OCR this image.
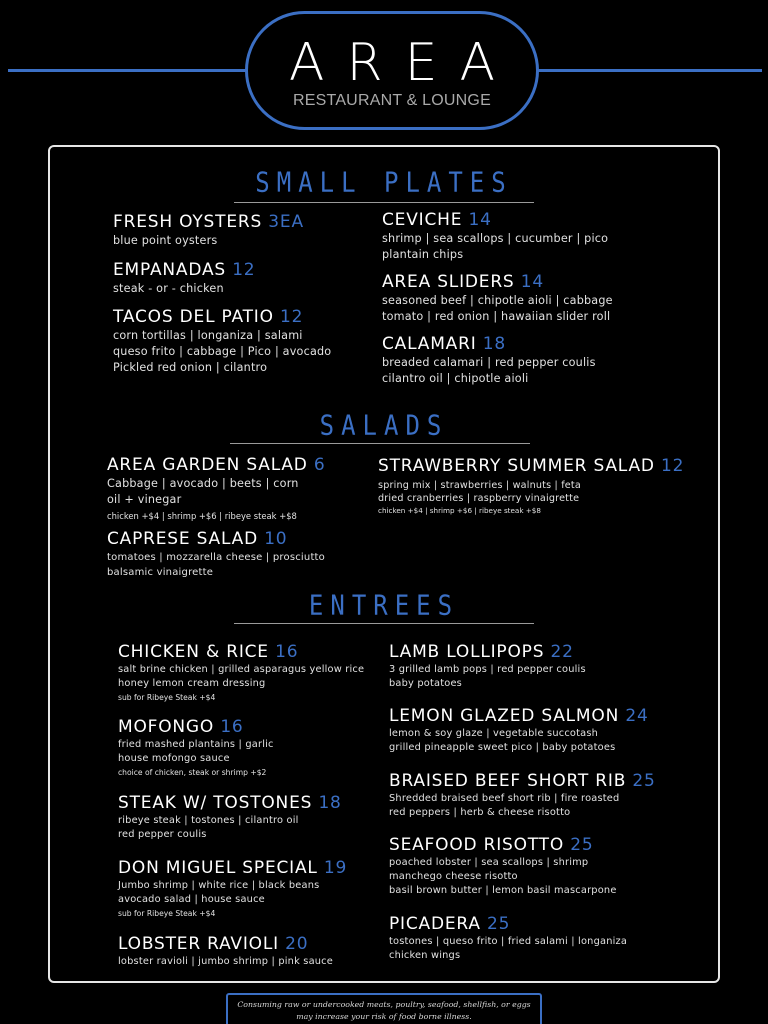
AREA
RESTAURANT & LOUNGE
SMALL PLATES
FRESH OYSTERS 3EA
blue point oysters
EMPANADAS 12
steak - or - chicken
TACOS DEL PATIO 12
corn tortillas | longaniza | salami
queso frito | cabbage | Pico | avocado
Pickled red onion | cilantro
CEVICHE 14
shrimp | sea scallops | cucumber | pico
plantain chips
AREA SLIDERS 14
seasoned beef | chipotle aioli | cabbage
tomato | red onion | hawaiian slider roll
CALAMARI 18
breaded calamari | red pepper coulis
cilantro oil | chipotle aioli
SALADS
AREA GARDEN SALAD 6
Cabbage | avocado | beets | corn
oil + vinegar
chicken +$4 | shrimp +$6 | ribeye steak +$8
CAPRESE SALAD 10
tomatoes | mozzarella cheese | prosciutto
balsamic vinaigrette
STRAWBERRY SUMMER SALAD 12
spring mix | strawberries | walnuts | feta
dried cranberries | raspberry vinaigrette
chicken +$4 | shrimp +$6 | ribeye steak +$8
ENTREES
CHICKEN & RICE 16
salt brine chicken | grilled asparagus yellow rice
honey lemon cream dressing
sub for Ribeye Steak +$4
MOFONGO 16
fried mashed plantains | garlic
house mofongo sauce
choice of chicken, steak or shrimp +$2
STEAK W/ TOSTONES 18
ribeye steak | tostones | cilantro oil
red pepper coulis
DON MIGUEL SPECIAL 19
Jumbo shrimp | white rice | black beans
avocado salad | house sauce
sub for Ribeye Steak +$4
LOBSTER RAVIOLI 20
lobster ravioli | jumbo shrimp | pink sauce
LAMB LOLLIPOPS 22
3 grilled lamb pops | red pepper coulis
baby potatoes
LEMON GLAZED SALMON 24
lemon & soy glaze | vegetable succotash
grilled pineapple sweet pico | baby potatoes
BRAISED BEEF SHORT RIB 25
Shredded braised beef short rib | fire roasted
red peppers | herb & cheese risotto
SEAFOOD RISOTTO 25
poached lobster | sea scallops | shrimp
manchego cheese risotto
basil brown butter | lemon basil mascarpone
PICADERA 25
tostones | queso frito | fried salami | longaniza
chicken wings
Consuming raw or undercooked meats, poultry, seafood, shellfish, or eggs
may increase your risk of food borne illness.
